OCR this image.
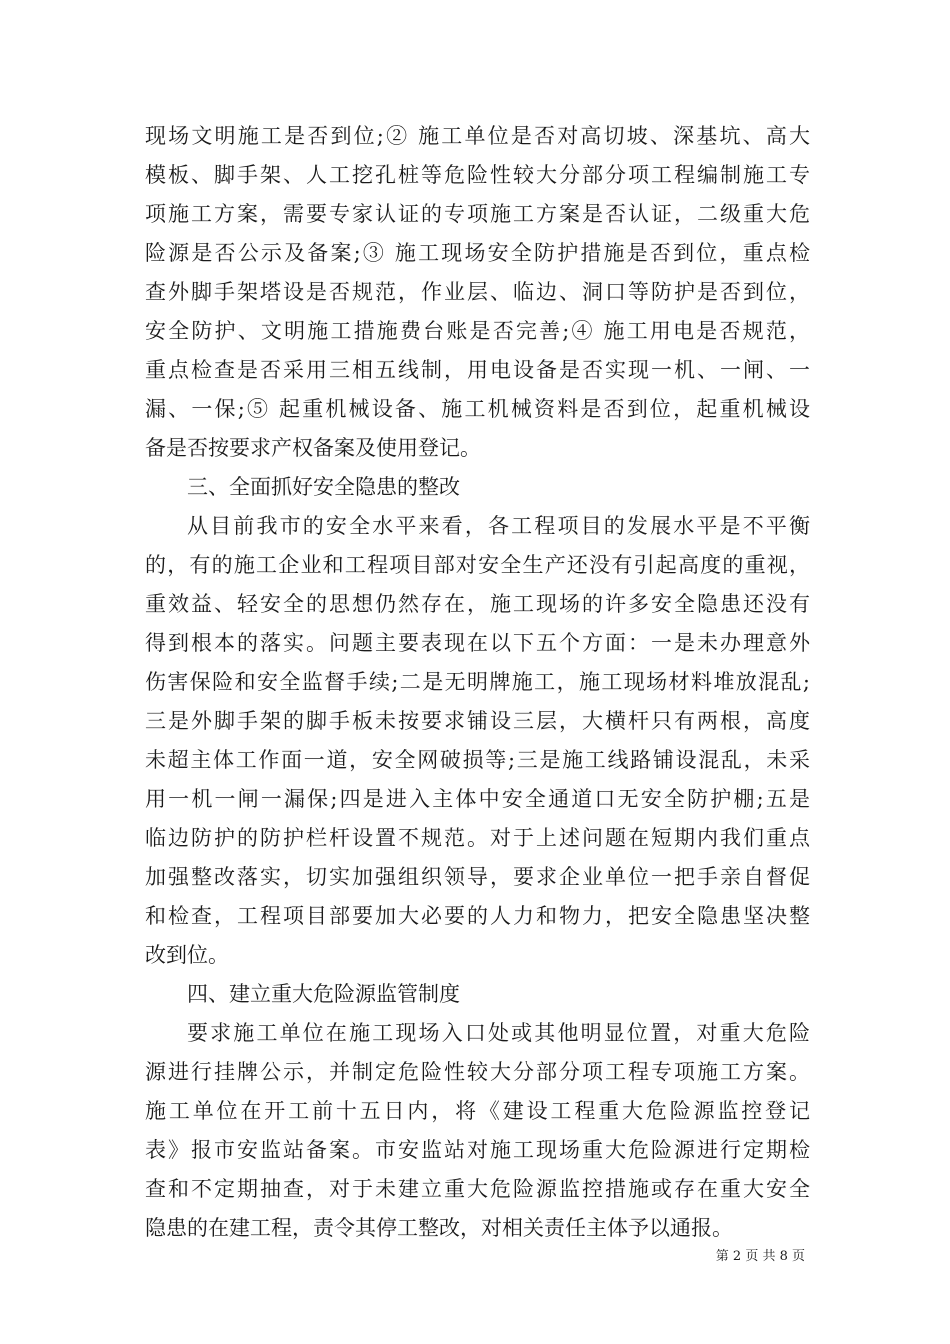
现场文明施工是否到位;② 施工单位是否对高切坡、深基坑、高大
模板、脚手架、人工挖孔桩等危险性较大分部分项工程编制施工专
项施工方案，需要专家认证的专项施工方案是否认证，二级重大危
险源是否公示及备案;③ 施工现场安全防护措施是否到位，重点检
查外脚手架塔设是否规范，作业层、临边、洞口等防护是否到位，
安全防护、文明施工措施费台账是否完善;④ 施工用电是否规范，
重点检查是否采用三相五线制，用电设备是否实现一机、一闸、一
漏、一保;⑤ 起重机械设备、施工机械资料是否到位，起重机械设
备是否按要求产权备案及使用登记。
三、全面抓好安全隐患的整改
从目前我市的安全水平来看，各工程项目的发展水平是不平衡
的，有的施工企业和工程项目部对安全生产还没有引起高度的重视，
重效益、轻安全的思想仍然存在，施工现场的许多安全隐患还没有
得到根本的落实。问题主要表现在以下五个方面：一是未办理意外
伤害保险和安全监督手续;二是无明牌施工，施工现场材料堆放混乱;
三是外脚手架的脚手板未按要求铺设三层，大横杆只有两根，高度
未超主体工作面一道，安全网破损等;三是施工线路铺设混乱，未采
用一机一闸一漏保;四是进入主体中安全通道口无安全防护棚;五是
临边防护的防护栏杆设置不规范。对于上述问题在短期内我们重点
加强整改落实，切实加强组织领导，要求企业单位一把手亲自督促
和检查，工程项目部要加大必要的人力和物力，把安全隐患坚决整
改到位。
四、建立重大危险源监管制度
要求施工单位在施工现场入口处或其他明显位置，对重大危险
源进行挂牌公示，并制定危险性较大分部分项工程专项施工方案。
施工单位在开工前十五日内，将《建设工程重大危险源监控登记
表》报市安监站备案。市安监站对施工现场重大危险源进行定期检
查和不定期抽查，对于未建立重大危险源监控措施或存在重大安全
隐患的在建工程，责令其停工整改，对相关责任主体予以通报。
第 2 页 共 8 页
